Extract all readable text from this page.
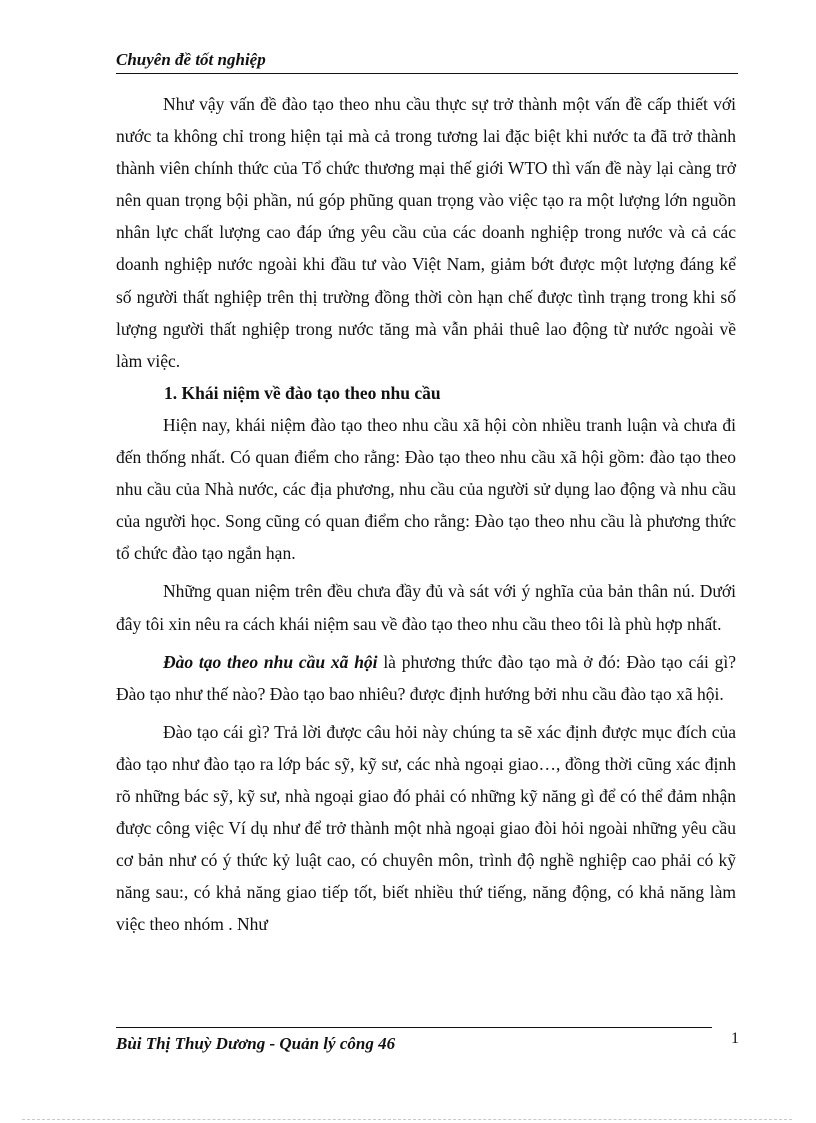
Chuyên đề tốt nghiệp

Như vậy vấn đề đào tạo theo nhu cầu thực sự trở thành một vấn đề cấp thiết với nước ta không chỉ trong hiện tại mà cả trong tương lai đặc biệt khi nước ta đã trở thành thành viên chính thức của Tổ chức thương mại thế giới WTO thì vấn đề này lại càng trở nên quan trọng bội phần, nú góp phũng quan trọng vào việc tạo ra một lượng lớn nguồn nhân lực chất lượng cao đáp ứng yêu cầu của các doanh nghiệp trong nước và cả các doanh nghiệp nước ngoài khi đầu tư vào Việt Nam, giảm bớt được một lượng đáng kể số người thất nghiệp trên thị trường đồng thời còn hạn chế được tình trạng trong khi số lượng người thất nghiệp trong nước tăng mà vẫn phải thuê lao động từ nước ngoài về làm việc.

1. Khái niệm về đào tạo theo nhu cầu

Hiện nay, khái niệm đào tạo theo nhu cầu xã hội còn nhiều tranh luận và chưa đi đến thống nhất. Có quan điểm cho rằng: Đào tạo theo nhu cầu xã hội gồm: đào tạo theo nhu cầu của Nhà nước, các địa phương, nhu cầu của người sử dụng lao động và nhu cầu của người học. Song cũng có quan điểm cho rằng: Đào tạo theo nhu cầu là phương thức tổ chức đào tạo ngắn hạn.

Những quan niệm trên đều chưa đầy đủ và sát với ý nghĩa của bản thân nú. Dưới đây tôi xin nêu ra cách khái niệm sau về đào tạo theo nhu cầu theo tôi là phù hợp nhất.

Đào tạo theo nhu cầu xã hội là phương thức đào tạo mà ở đó: Đào tạo cái gì? Đào tạo như thế nào? Đào tạo bao nhiêu? được định hướng bởi nhu cầu đào tạo xã hội.

Đào tạo cái gì? Trả lời được câu hỏi này chúng ta sẽ xác định được mục đích của đào tạo như đào tạo ra lớp bác sỹ, kỹ sư, các nhà ngoại giao…, đồng thời cũng xác định rõ những bác sỹ, kỹ sư, nhà ngoại giao đó phải có những kỹ năng gì để có thể đảm nhận được công việc Ví dụ như để trở thành một nhà ngoại giao đòi hỏi ngoài những yêu cầu cơ bản như có ý thức kỷ luật cao, có chuyên môn, trình độ nghề nghiệp cao phải có kỹ năng sau:, có khả năng giao tiếp tốt, biết nhiều thứ tiếng, năng động, có khả năng làm việc theo nhóm . Như

Bùi Thị Thuỳ Dương - Quản lý công 46	1
